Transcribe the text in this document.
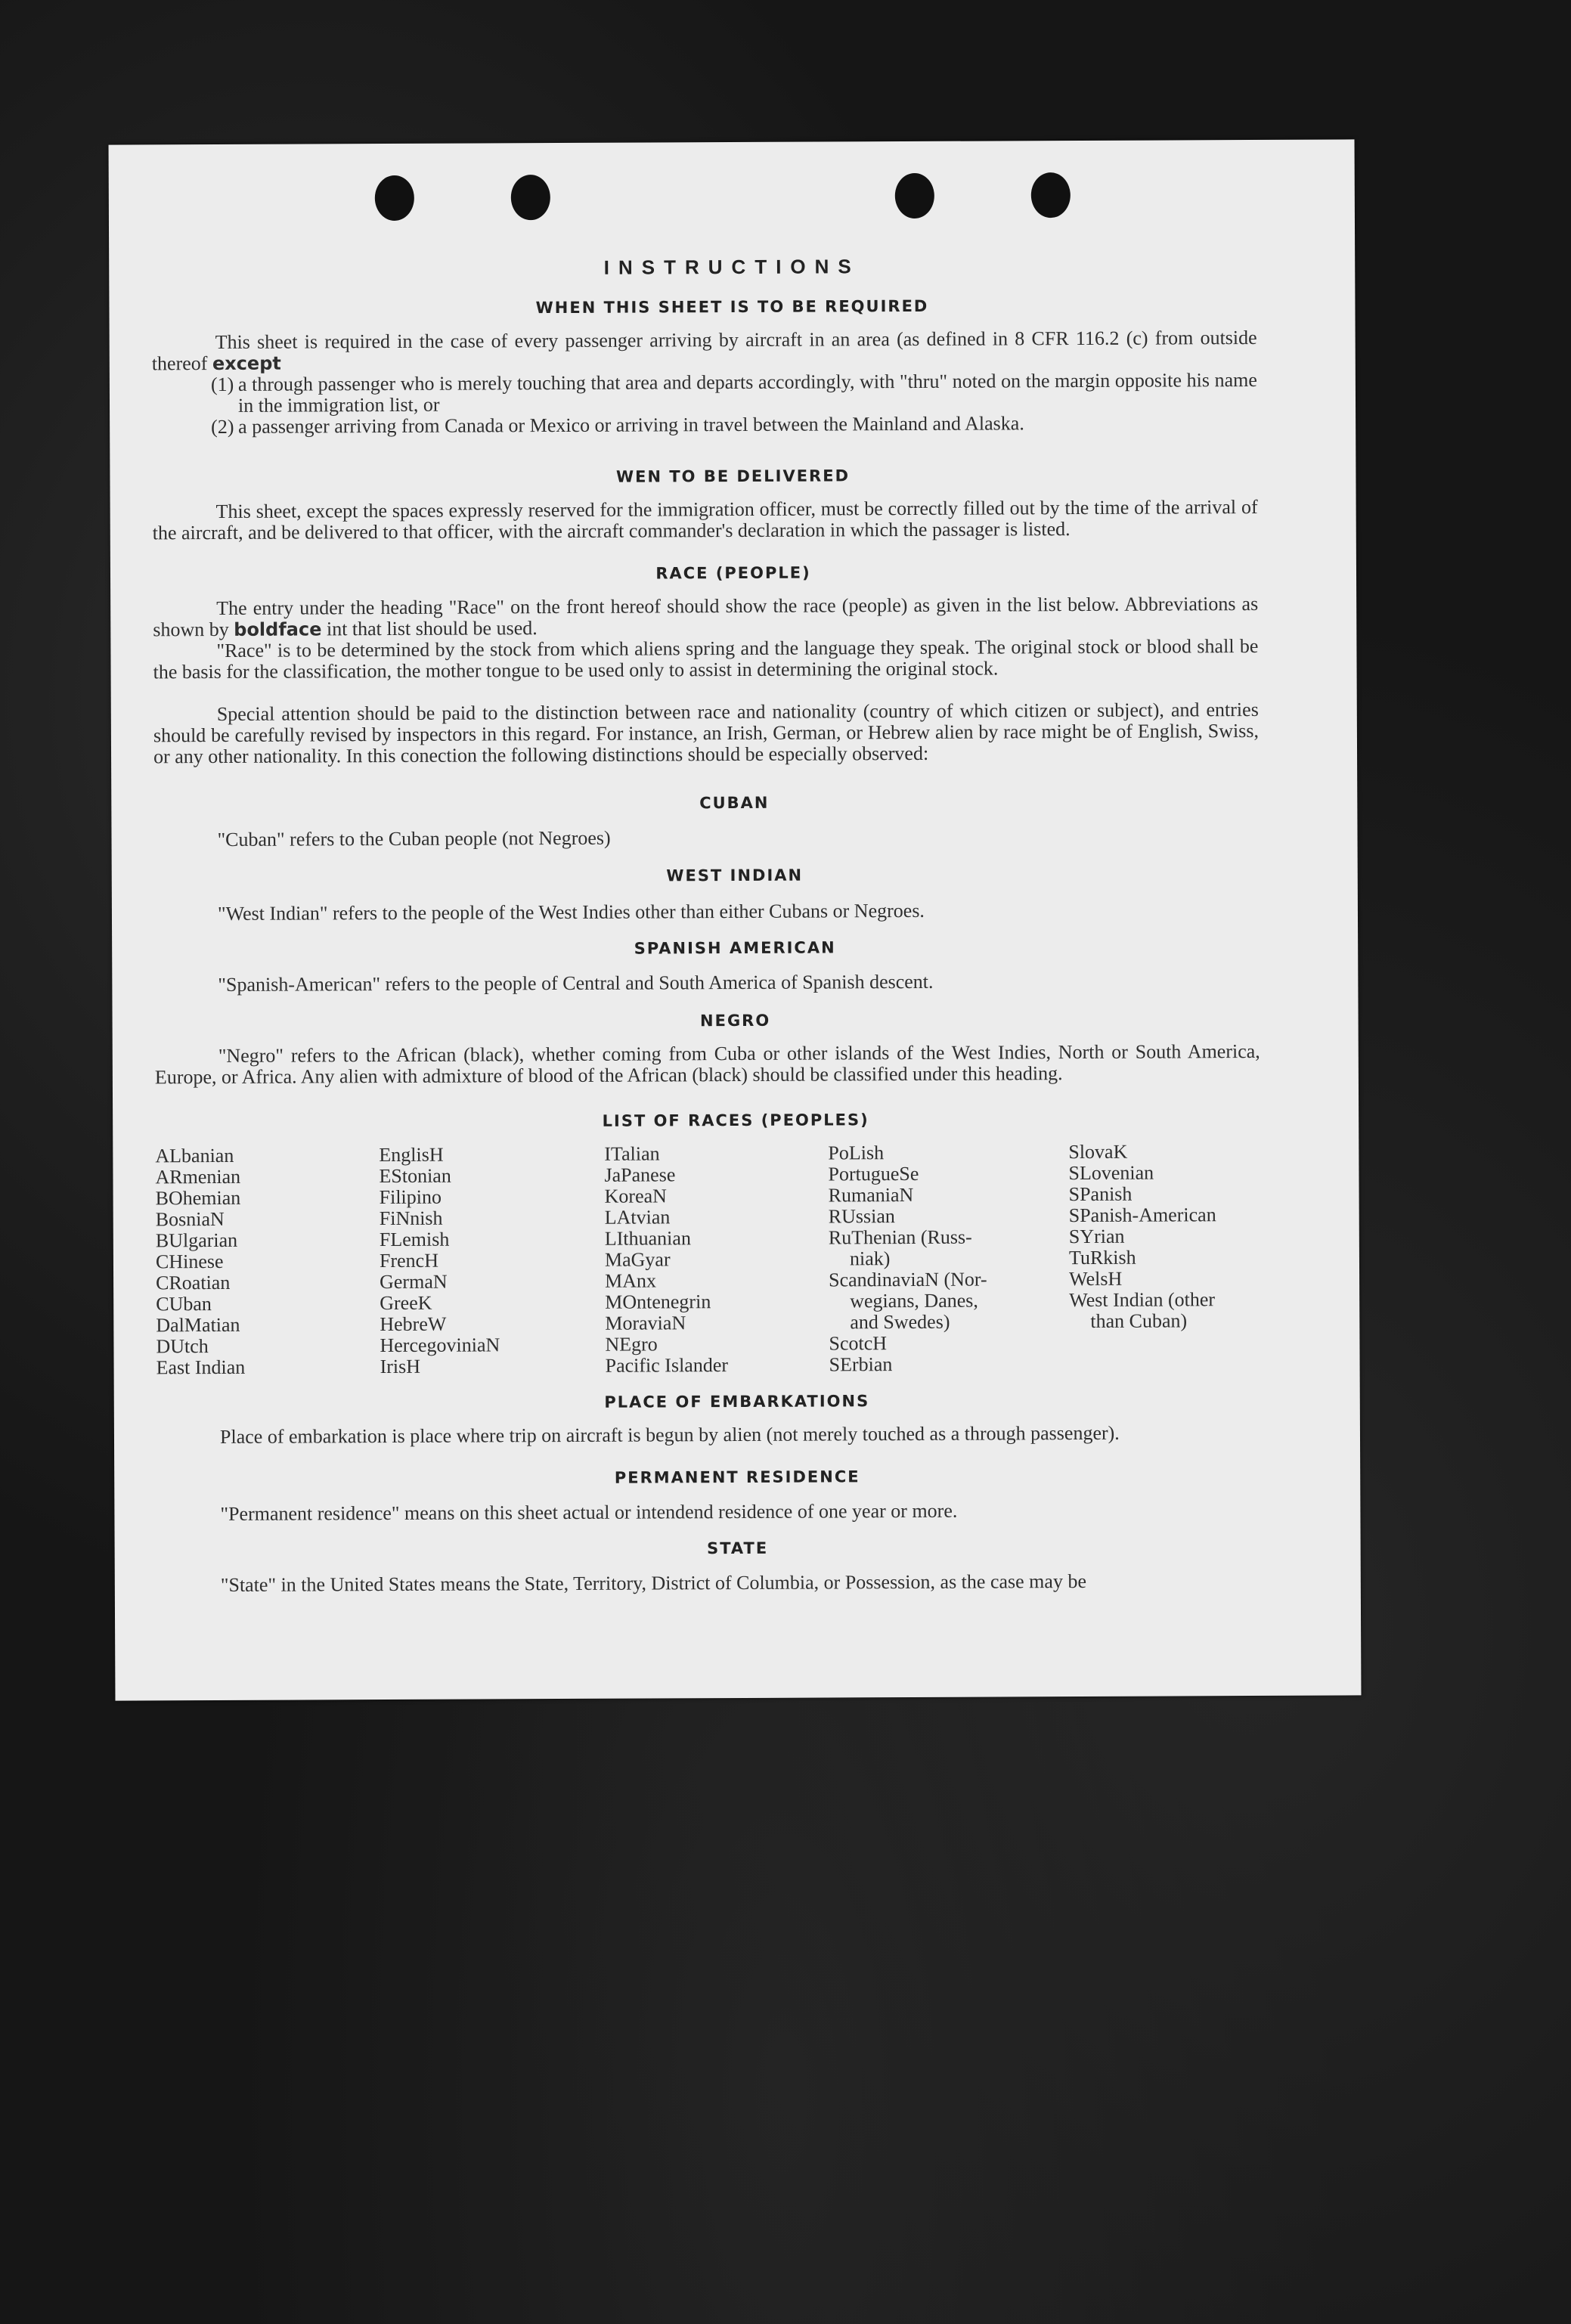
INSTRUCTIONS
WHEN THIS SHEET IS TO BE REQUIRED
This sheet is required in the case of every passenger arriving by aircraft in an area (as defined in 8 CFR 116.2 (c) from outside thereof except
(1) a through passenger who is merely touching that area and departs accordingly, with "thru" noted on the margin opposite his name in the immigration list, or
(2) a passenger arriving from Canada or Mexico or arriving in travel between the Mainland and Alaska.
WEN TO BE DELIVERED
This sheet, except the spaces expressly reserved for the immigration officer, must be correctly filled out by the time of the arrival of the aircraft, and be delivered to that officer, with the aircraft commander's declaration in which the passager is listed.
RACE (PEOPLE)
The entry under the heading "Race" on the front hereof should show the race (people) as given in the list below. Abbreviations as shown by boldface int that list should be used.
"Race" is to be determined by the stock from which aliens spring and the language they speak. The original stock or blood shall be the basis for the classification, the mother tongue to be used only to assist in determining the original stock.
Special attention should be paid to the distinction between race and nationality (country of which citizen or subject), and entries should be carefully revised by inspectors in this regard. For instance, an Irish, German, or Hebrew alien by race might be of English, Swiss, or any other nationality. In this conection the following distinctions should be especially observed:
CUBAN
"Cuban" refers to the Cuban people (not Negroes)
WEST INDIAN
"West Indian" refers to the people of the West Indies other than either Cubans or Negroes.
SPANISH AMERICAN
"Spanish-American" refers to the people of Central and South America of Spanish descent.
NEGRO
"Negro" refers to the African (black), whether coming from Cuba or other islands of the West Indies, North or South America, Europe, or Africa. Any alien with admixture of blood of the African (black) should be classified under this heading.
LIST OF RACES (PEOPLES)
ALbanian
ARmenian
BOhemian
BosniaN
BUlgarian
CHinese
CRoatian
CUban
DalMatian
DUtch
East Indian
EnglisH
EStonian
Filipino
FiNnish
FLemish
FrencH
GermaN
GreeK
HebreW
HercegoviniaN
IrisH
ITalian
JaPanese
KoreaN
LAtvian
LIthuanian
MaGyar
MAnx
MOntenegrin
MoraviaN
NEgro
Pacific Islander
PoLish
PortugueSe
RumaniaN
RUssian
RuThenian (Russ-
niak)
ScandinaviaN (Nor-
wegians, Danes,
and Swedes)
ScotcH
SErbian
SlovaK
SLovenian
SPanish
SPanish-American
SYrian
TuRkish
WelsH
West Indian (other
than Cuban)
PLACE OF EMBARKATIONS
Place of embarkation is place where trip on aircraft is begun by alien (not merely touched as a through passenger).
PERMANENT RESIDENCE
"Permanent residence" means on this sheet actual or intendend residence of one year or more.
STATE
"State" in the United States means the State, Territory, District of Columbia, or Possession, as the case may be
